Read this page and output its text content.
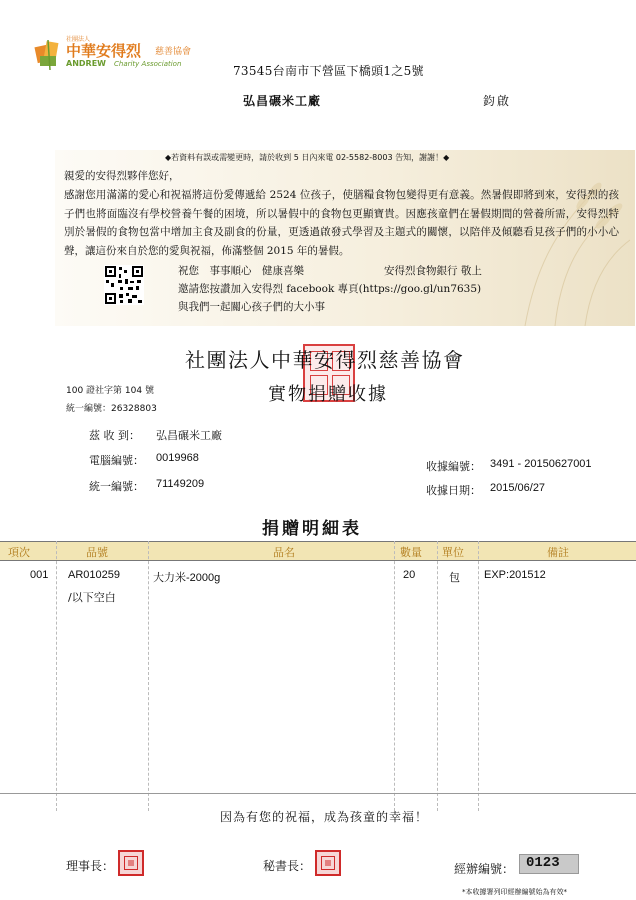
社團法人
中華安得烈 慈善協會
ANDREW Charity Association	73545台南市下營區下橋頭1之5號
弘昌碾米工廠	鈞啟
◆若資料有誤或需變更時，請於收到 5 日內來電 02-5582-8003 告知，謝謝！◆
親愛的安得烈夥伴您好，
感謝您用滿滿的愛心和祝福將這份愛傳遞給 2524 位孩子，使膳糧食物包變得更有意義。然暑假即將到來，安得烈的孩子們也將面臨沒有學校營養午餐的困境，所以暑假中的食物包更顯寶貴。因應孩童們在暑假期間的營養所需，安得烈特別於暑假的食物包當中增加主食及副食的份量，更透過啟發式學習及主題式的關懷，以陪伴及傾聽看見孩子們的小小心聲，讓這份來自於您的愛與祝福，佈滿整個 2015 年的暑假。
祝您　事事順心　健康喜樂	安得烈食物銀行 敬上
邀請您按讚加入安得烈 facebook 專頁(https://goo.gl/un7635)
與我們一起關心孩子們的大小事
社團法人中華安得烈慈善協會
實物捐贈收據
100 證社字第 104 號
統一編號：26328803
茲 收 到： 弘昌碾米工廠
電腦編號： 0019968
統一編號： 71149209
收據編號： 3491 - 20150627001
收據日期： 2015/06/27
捐贈明細表
項次	品號	品名	數量 單位	備註
001 AR010259	大力米-2000g	20	包 EXP:201512
/以下空白
因為有您的祝福，成為孩童的幸福！
理事長：	秘書長：	經辦編號： 0123
*本收據署列印經辦編號始為有效*
